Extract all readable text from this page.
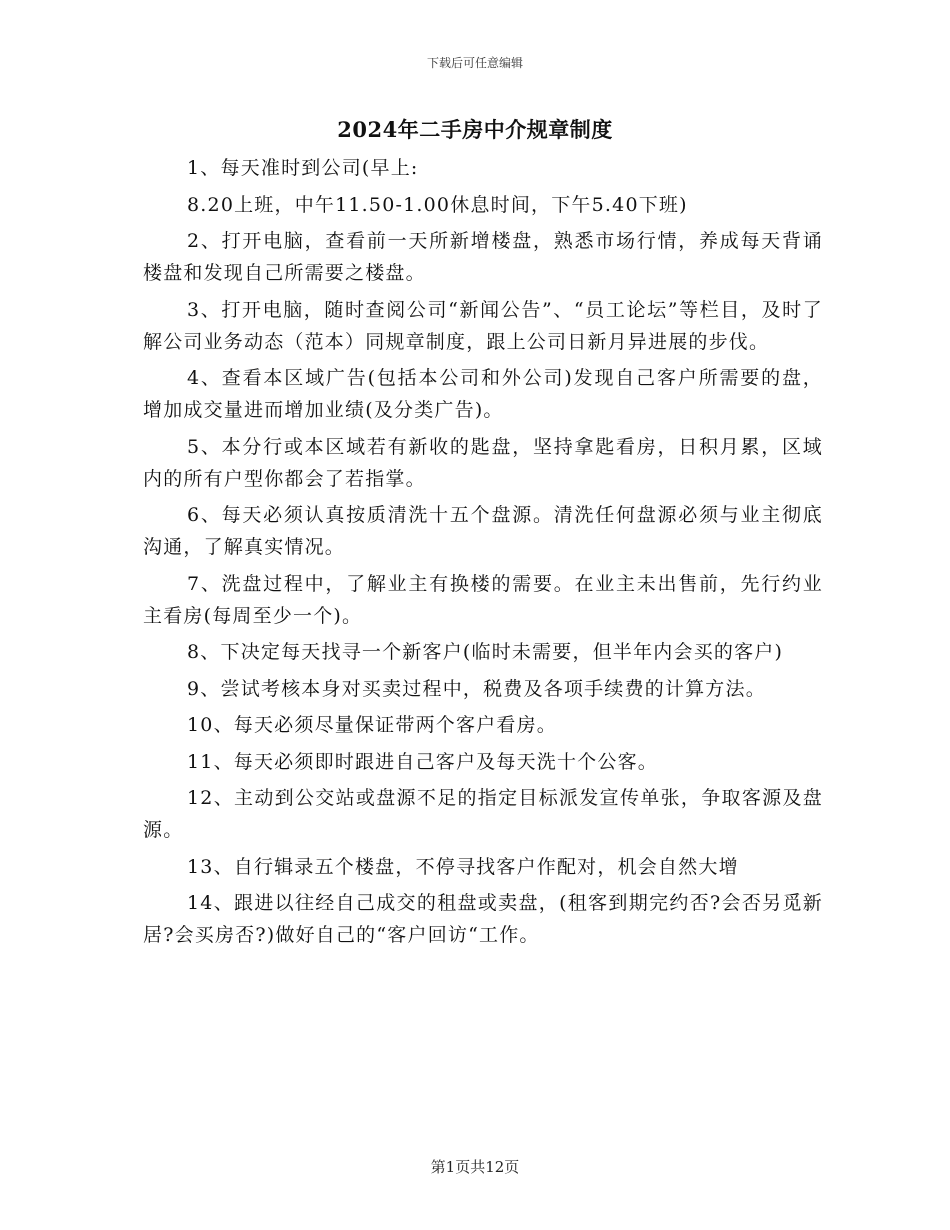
下载后可任意编辑
2024年二手房中介规章制度

1、每天准时到公司(早上:

8.20上班，中午11.50-1.00休息时间，下午5.40下班)

2、打开电脑，查看前一天所新增楼盘，熟悉市场行情，养成每天背诵楼盘和发现自己所需要之楼盘。

3、打开电脑，随时查阅公司“新闻公告”、“员工论坛”等栏目，及时了解公司业务动态（范本）同规章制度，跟上公司日新月异进展的步伐。

4、查看本区域广告(包括本公司和外公司)发现自己客户所需要的盘，增加成交量进而增加业绩(及分类广告)。

5、本分行或本区域若有新收的匙盘，坚持拿匙看房，日积月累，区域内的所有户型你都会了若指掌。

6、每天必须认真按质清洗十五个盘源。清洗任何盘源必须与业主彻底沟通，了解真实情况。

7、洗盘过程中，了解业主有换楼的需要。在业主未出售前，先行约业主看房(每周至少一个)。

8、下决定每天找寻一个新客户(临时未需要，但半年内会买的客户)

9、尝试考核本身对买卖过程中，税费及各项手续费的计算方法。

10、每天必须尽量保证带两个客户看房。

11、每天必须即时跟进自己客户及每天洗十个公客。

12、主动到公交站或盘源不足的指定目标派发宣传单张，争取客源及盘源。

13、自行辑录五个楼盘，不停寻找客户作配对，机会自然大增

14、跟进以往经自己成交的租盘或卖盘，(租客到期完约否?会否另觅新居?会买房否?)做好自己的“客户回访“工作。

第1页共12页
